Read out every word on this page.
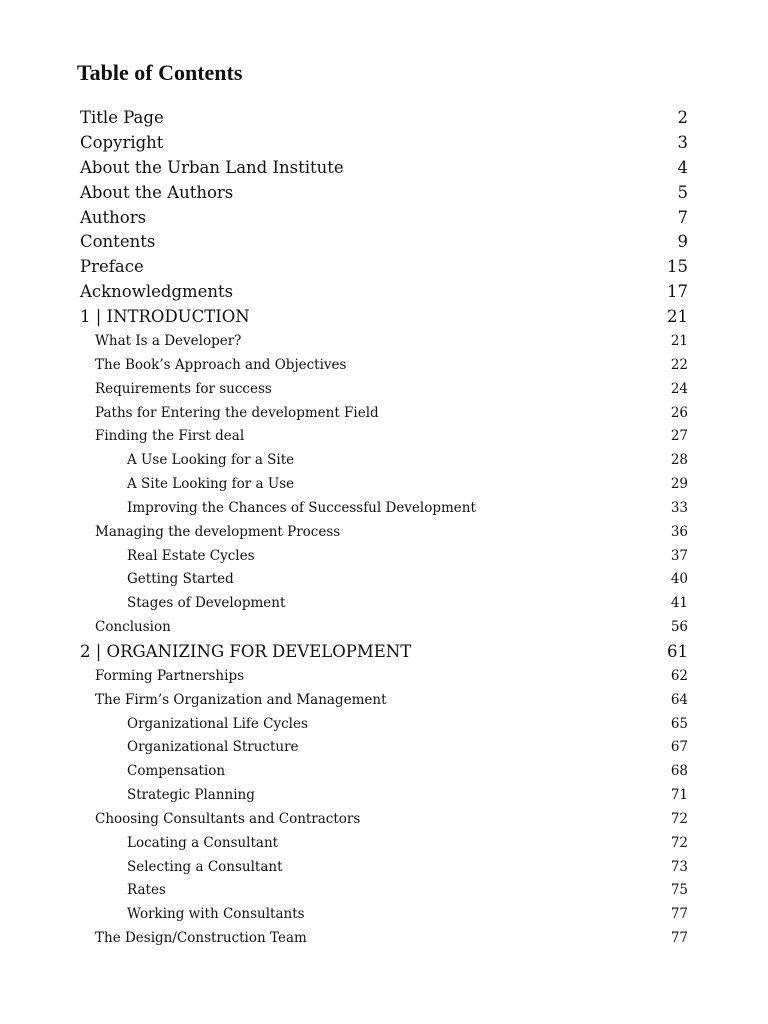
Table of Contents
Title Page	2
Copyright	3
About the Urban Land Institute	4
About the Authors	5
Authors	7
Contents	9
Preface	15
Acknowledgments	17
1 | INTRODUCTION	21
What Is a Developer?	21
The Book’s Approach and Objectives	22
Requirements for success	24
Paths for Entering the development Field	26
Finding the First deal	27
A Use Looking for a Site	28
A Site Looking for a Use	29
Improving the Chances of Successful Development	33
Managing the development Process	36
Real Estate Cycles	37
Getting Started	40
Stages of Development	41
Conclusion	56
2 | ORGANIZING FOR DEVELOPMENT	61
Forming Partnerships	62
The Firm’s Organization and Management	64
Organizational Life Cycles	65
Organizational Structure	67
Compensation	68
Strategic Planning	71
Choosing Consultants and Contractors	72
Locating a Consultant	72
Selecting a Consultant	73
Rates	75
Working with Consultants	77
The Design/Construction Team	77
